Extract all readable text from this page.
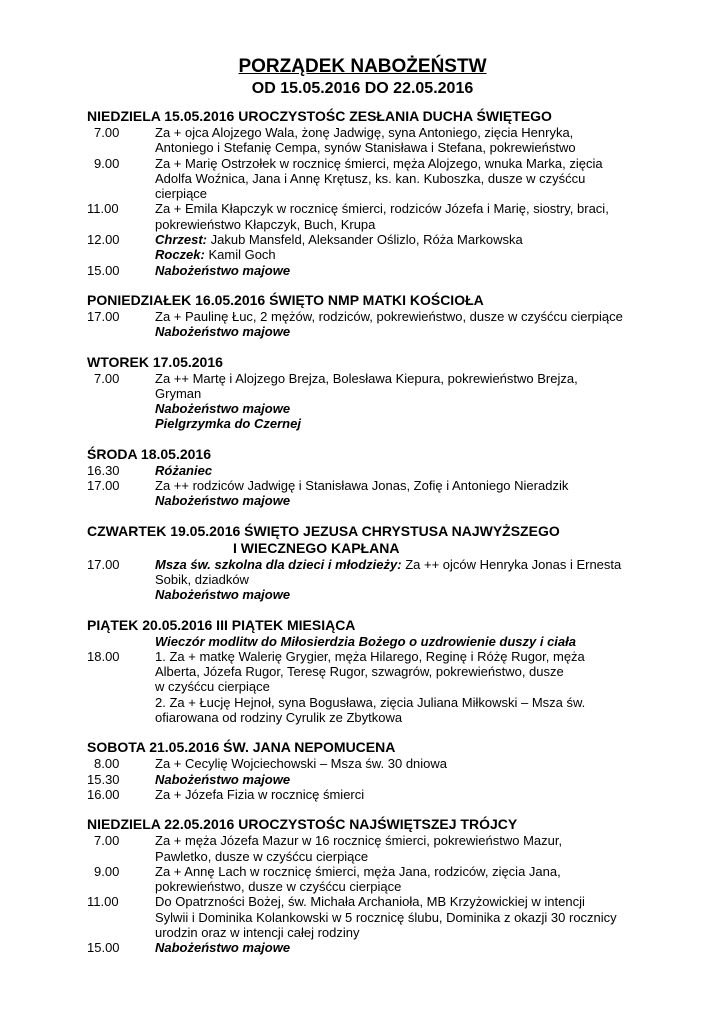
PORZĄDEK NABOŻEŃSTW
OD 15.05.2016 DO 22.05.2016
NIEDZIELA 15.05.2016 UROCZYSTOŚC ZESŁANIA DUCHA ŚWIĘTEGO
7.00	Za + ojca Alojzego Wala, żonę Jadwigę, syna Antoniego, zięcia Henryka,
Antoniego i Stefanię Cempa, synów Stanisława i Stefana, pokrewieństwo
9.00	Za + Marię Ostrzołek w rocznicę śmierci, męża Alojzego, wnuka Marka, zięcia
Adolfa Woźnica, Jana i Annę Krętusz, ks. kan. Kuboszka, dusze w czyśćcu
cierpiące
11.00	Za + Emila Kłapczyk w rocznicę śmierci, rodziców Józefa i Marię, siostry, braci,
pokrewieństwo Kłapczyk, Buch, Krupa
12.00	Chrzest: Jakub Mansfeld, Aleksander Oślizlo, Róża Markowska
Roczek: Kamil Goch
15.00	Nabożeństwo majowe
PONIEDZIAŁEK 16.05.2016 ŚWIĘTO NMP MATKI KOŚCIOŁA
17.00	Za + Paulinę Łuc, 2 mężów, rodziców, pokrewieństwo, dusze w czyśćcu cierpiące
Nabożeństwo majowe
WTOREK 17.05.2016
7.00	Za ++ Martę i Alojzego Brejza, Bolesława Kiepura, pokrewieństwo Brejza,
Gryman
Nabożeństwo majowe
Pielgrzymka do Czernej
ŚRODA 18.05.2016
16.30	Różaniec
17.00	Za ++ rodziców Jadwigę i Stanisława Jonas, Zofię i Antoniego Nieradzik
Nabożeństwo majowe
CZWARTEK 19.05.2016 ŚWIĘTO JEZUSA CHRYSTUSA NAJWYŻSZEGO
I WIECZNEGO KAPŁANA
17.00	Msza św. szkolna dla dzieci i młodzieży: Za ++ ojców Henryka Jonas i Ernesta
Sobik, dziadków
Nabożeństwo majowe
PIĄTEK 20.05.2016 III PIĄTEK MIESIĄCA
Wieczór modlitw do Miłosierdzia Bożego o uzdrowienie duszy i ciała
18.00	1. Za + matkę Walerię Grygier, męża Hilarego, Reginę i Różę Rugor, męża
Alberta, Józefa Rugor, Teresę Rugor, szwagrów, pokrewieństwo, dusze
w czyśćcu cierpiące
2. Za + Łucję Hejnoł, syna Bogusława, zięcia Juliana Miłkowski – Msza św.
ofiarowana od rodziny Cyrulik ze Zbytkowa
SOBOTA 21.05.2016 ŚW. JANA NEPOMUCENA
8.00	Za + Cecylię Wojciechowski – Msza św. 30 dniowa
15.30	Nabożeństwo majowe
16.00	Za + Józefa Fizia w rocznicę śmierci
NIEDZIELA 22.05.2016 UROCZYSTOŚC NAJŚWIĘTSZEJ TRÓJCY
7.00	Za + męża Józefa Mazur w 16 rocznicę śmierci, pokrewieństwo Mazur,
Pawletko, dusze w czyśćcu cierpiące
9.00	Za + Annę Lach w rocznicę śmierci, męża Jana, rodziców, zięcia Jana,
pokrewieństwo, dusze w czyśćcu cierpiące
11.00	Do Opatrzności Bożej, św. Michała Archanioła, MB Krzyżowickiej w intencji
Sylwii i Dominika Kolankowski w 5 rocznicę ślubu, Dominika z okazji 30 rocznicy
urodzin oraz w intencji całej rodziny
15.00	Nabożeństwo majowe
